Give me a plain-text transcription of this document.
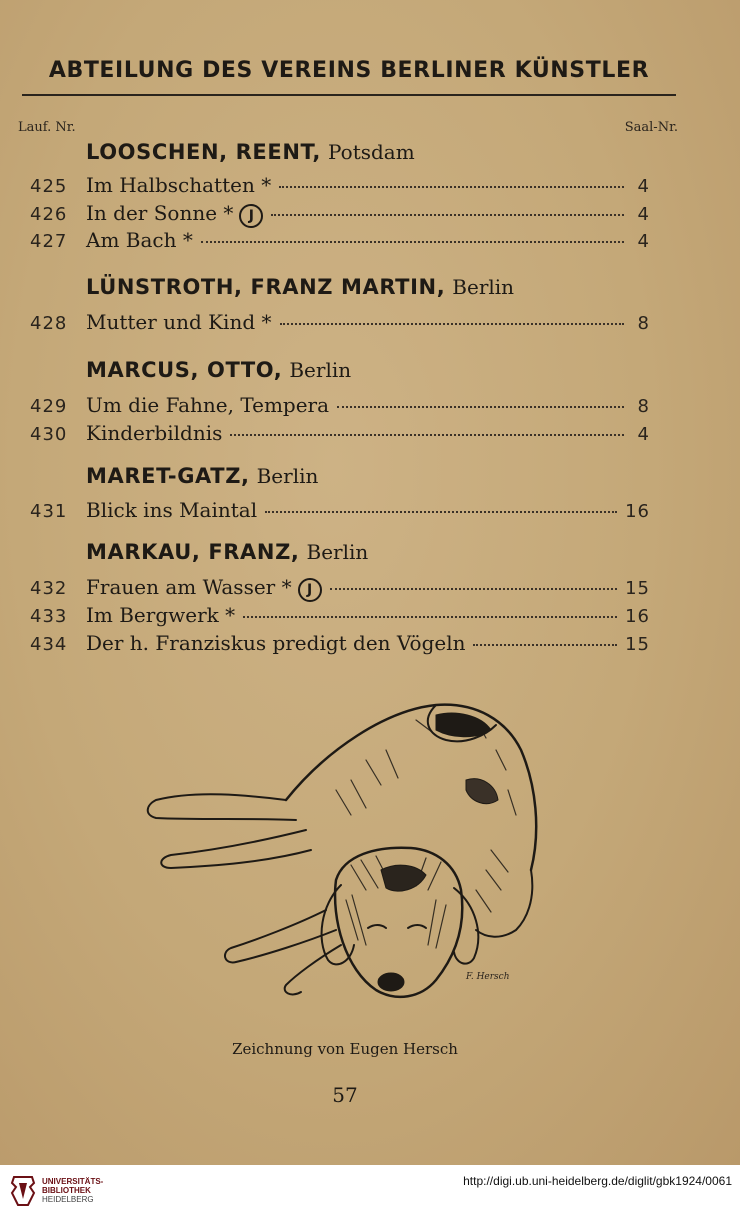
ABTEILUNG DES VEREINS BERLINER KÜNSTLER
Lauf. Nr.	Saal-Nr.
LOOSCHEN, REENT, Potsdam
425 Im Halbschatten *	4
426 In der Sonne *	J	4
427 Am Bach *	4
LÜNSTROTH, FRANZ MARTIN, Berlin
428 Mutter und Kind *	8
MARCUS, OTTO, Berlin
429 Um die Fahne, Tempera	8
430 Kinderbildnis	4
MARET-GATZ, Berlin
431 Blick ins Maintal	16
MARKAU, FRANZ, Berlin
432 Frauen am Wasser *	J	15
433 Im Bergwerk *	16
434 Der h. Franziskus predigt den Vögeln	15
F. Hersch
Zeichnung von Eugen Hersch
57
UNIVERSITÄTS-
BIBLIOTHEK
HEIDELBERG
http://digi.ub.uni-heidelberg.de/diglit/gbk1924/0061
